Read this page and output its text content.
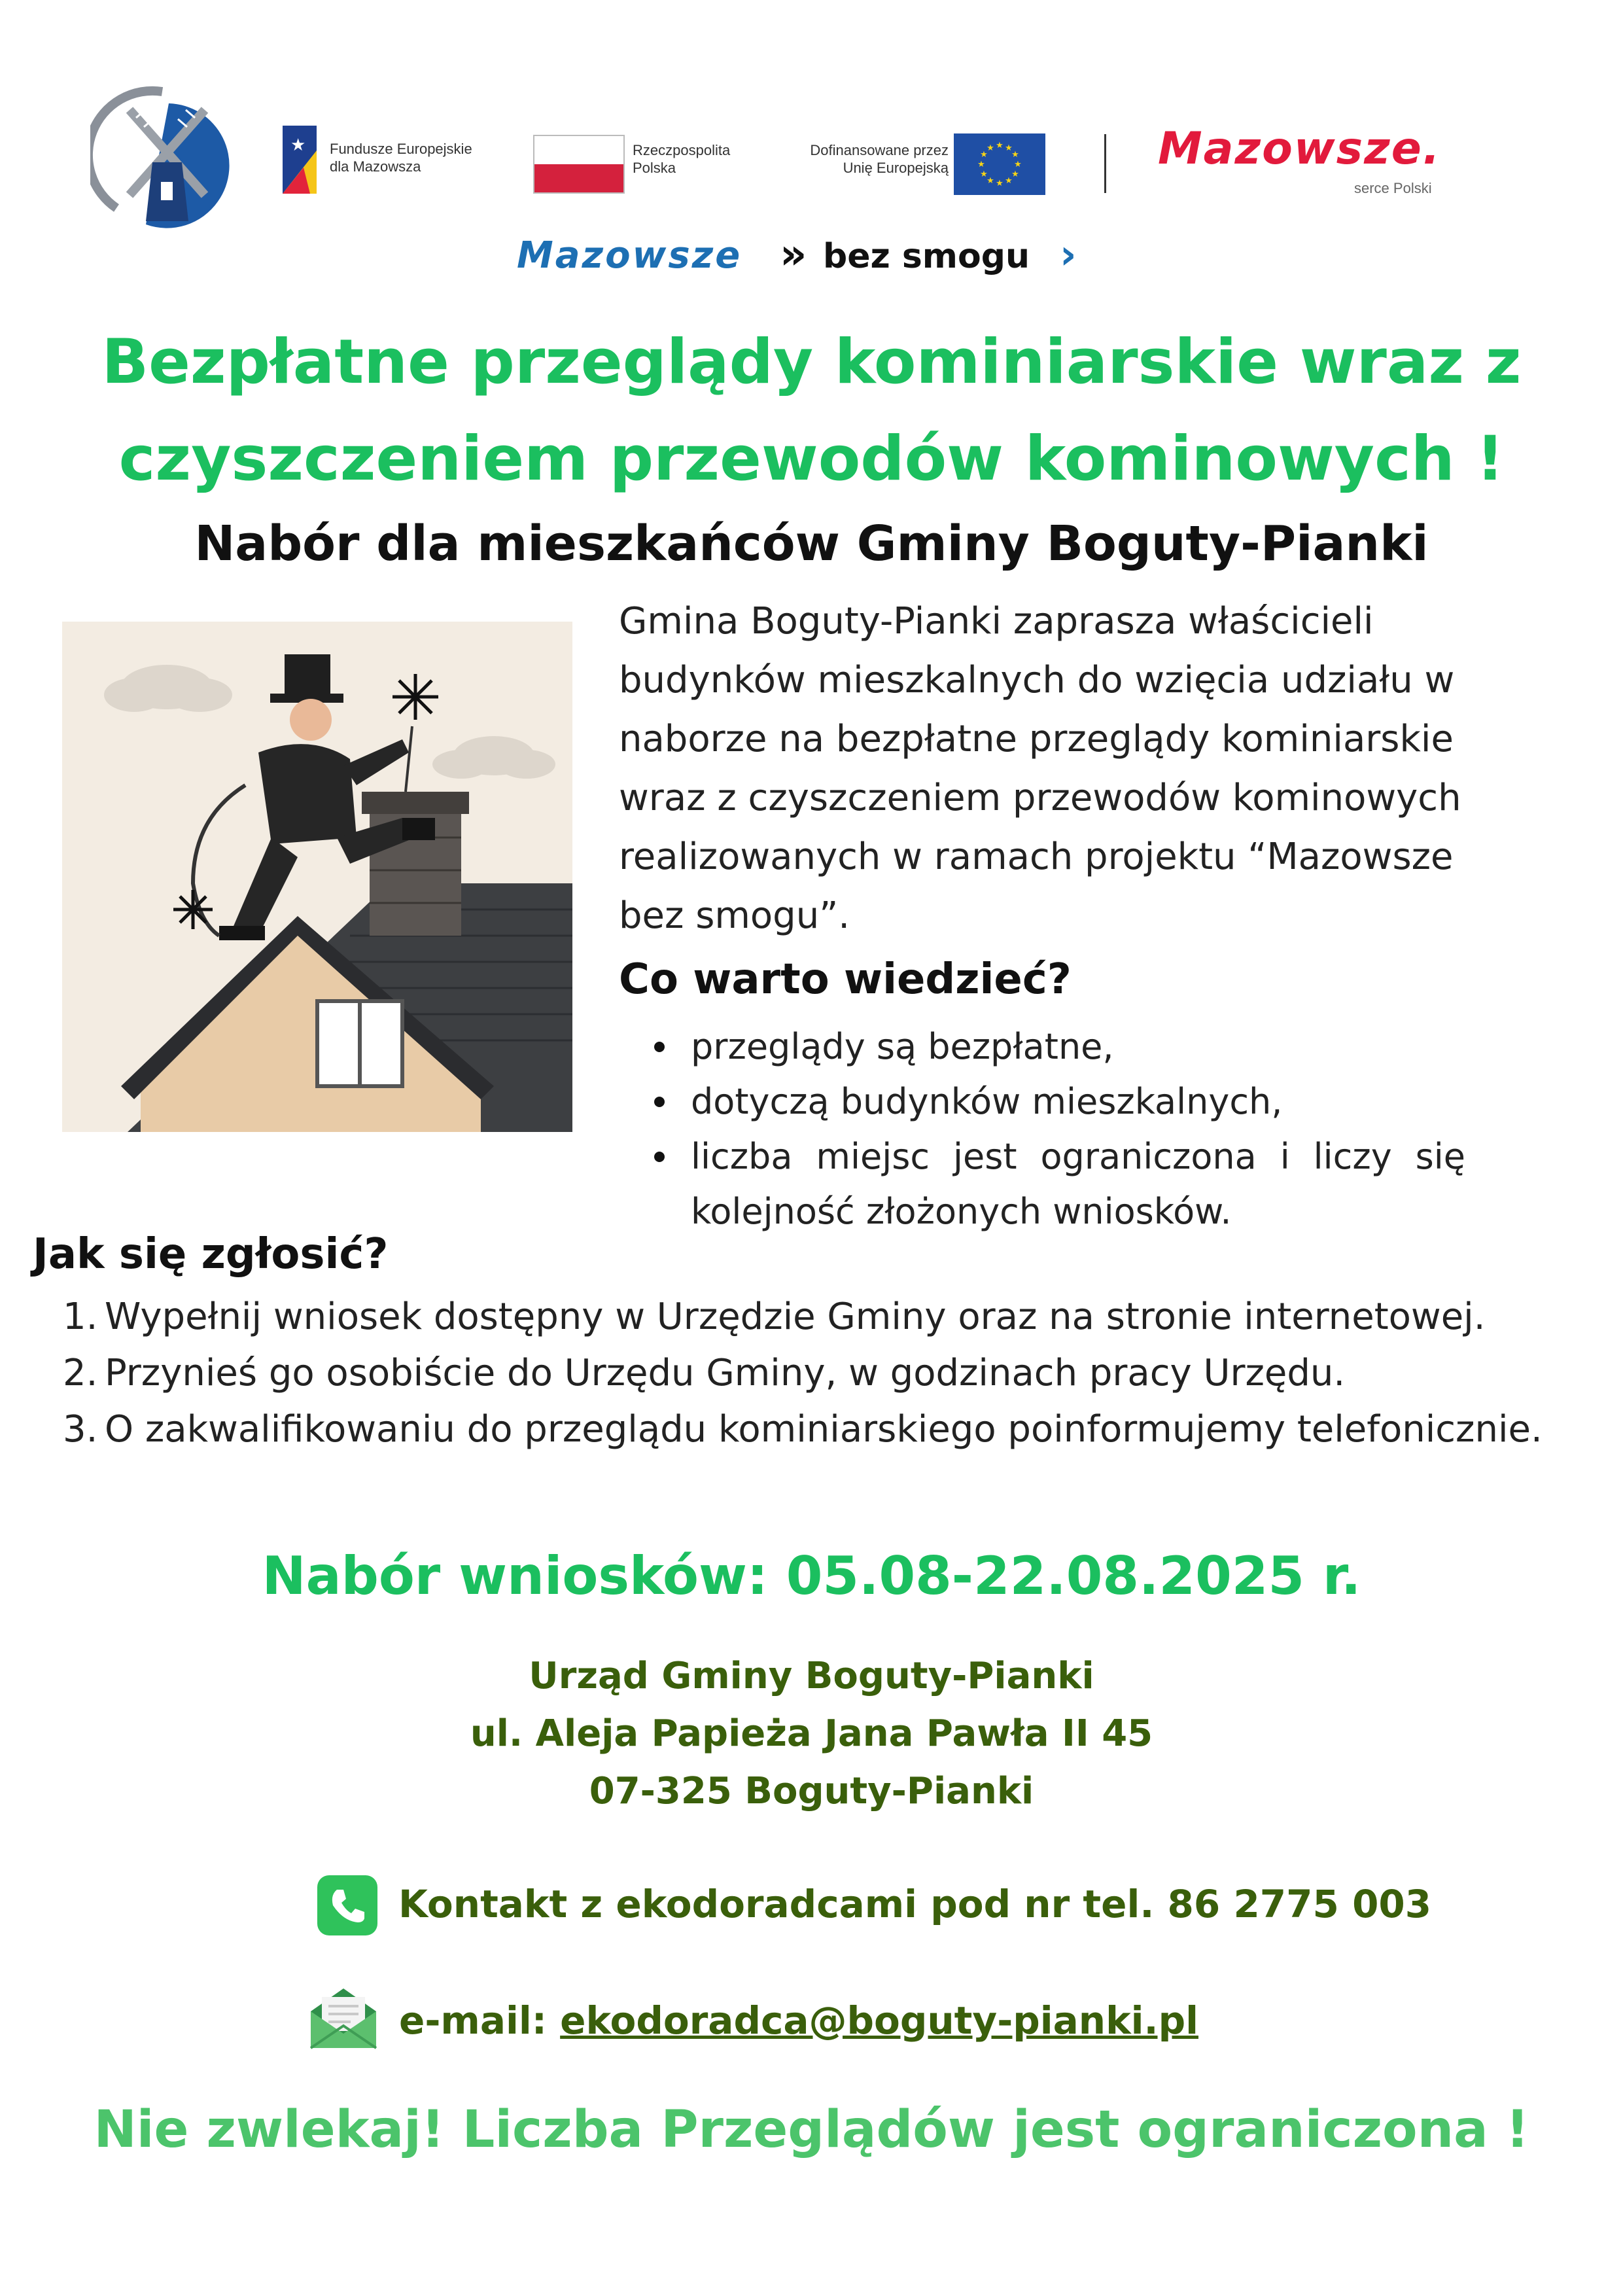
★ Fundusze Europejskie
dla Mazowsza
Rzeczpospolita
Polska
Dofinansowane przez
Unię Europejską
★ ★
★
★
★
★
★
★
★
★
★
★	Mazowsze.
serce Polski
Mazowsze » bez smogu ›
Bezpłatne przeglądy kominiarskie wraz z
czyszczeniem przewodów kominowych !
Nabór dla mieszkańców Gminy Boguty-Pianki
Gmina Boguty-Pianki zaprasza właścicieli
budynków mieszkalnych do wzięcia udziału w
naborze na bezpłatne przeglądy kominiarskie
wraz z czyszczeniem przewodów kominowych
realizowanych w ramach projektu “Mazowsze
bez smogu”.
Co warto wiedzieć?
przeglądy są bezpłatne,
dotyczą budynków mieszkalnych,
liczba miejsc jest ograniczona i liczy się kolejność złożonych wniosków.
Jak się zgłosić?
1. Wypełnij wniosek dostępny w Urzędzie Gminy oraz na stronie internetowej.
2. Przynieś go osobiście do Urzędu Gminy, w godzinach pracy Urzędu.
3. O zakwalifikowaniu do przeglądu kominiarskiego poinformujemy telefonicznie.
Nabór wniosków: 05.08-22.08.2025 r.
Urząd Gminy Boguty-Pianki
ul. Aleja Papieża Jana Pawła II 45
07-325 Boguty-Pianki
Kontakt z ekodoradcami pod nr tel. 86 2775 003
e-mail: ekodoradca@boguty-pianki.pl
Nie zwlekaj! Liczba Przeglądów jest ograniczona !
